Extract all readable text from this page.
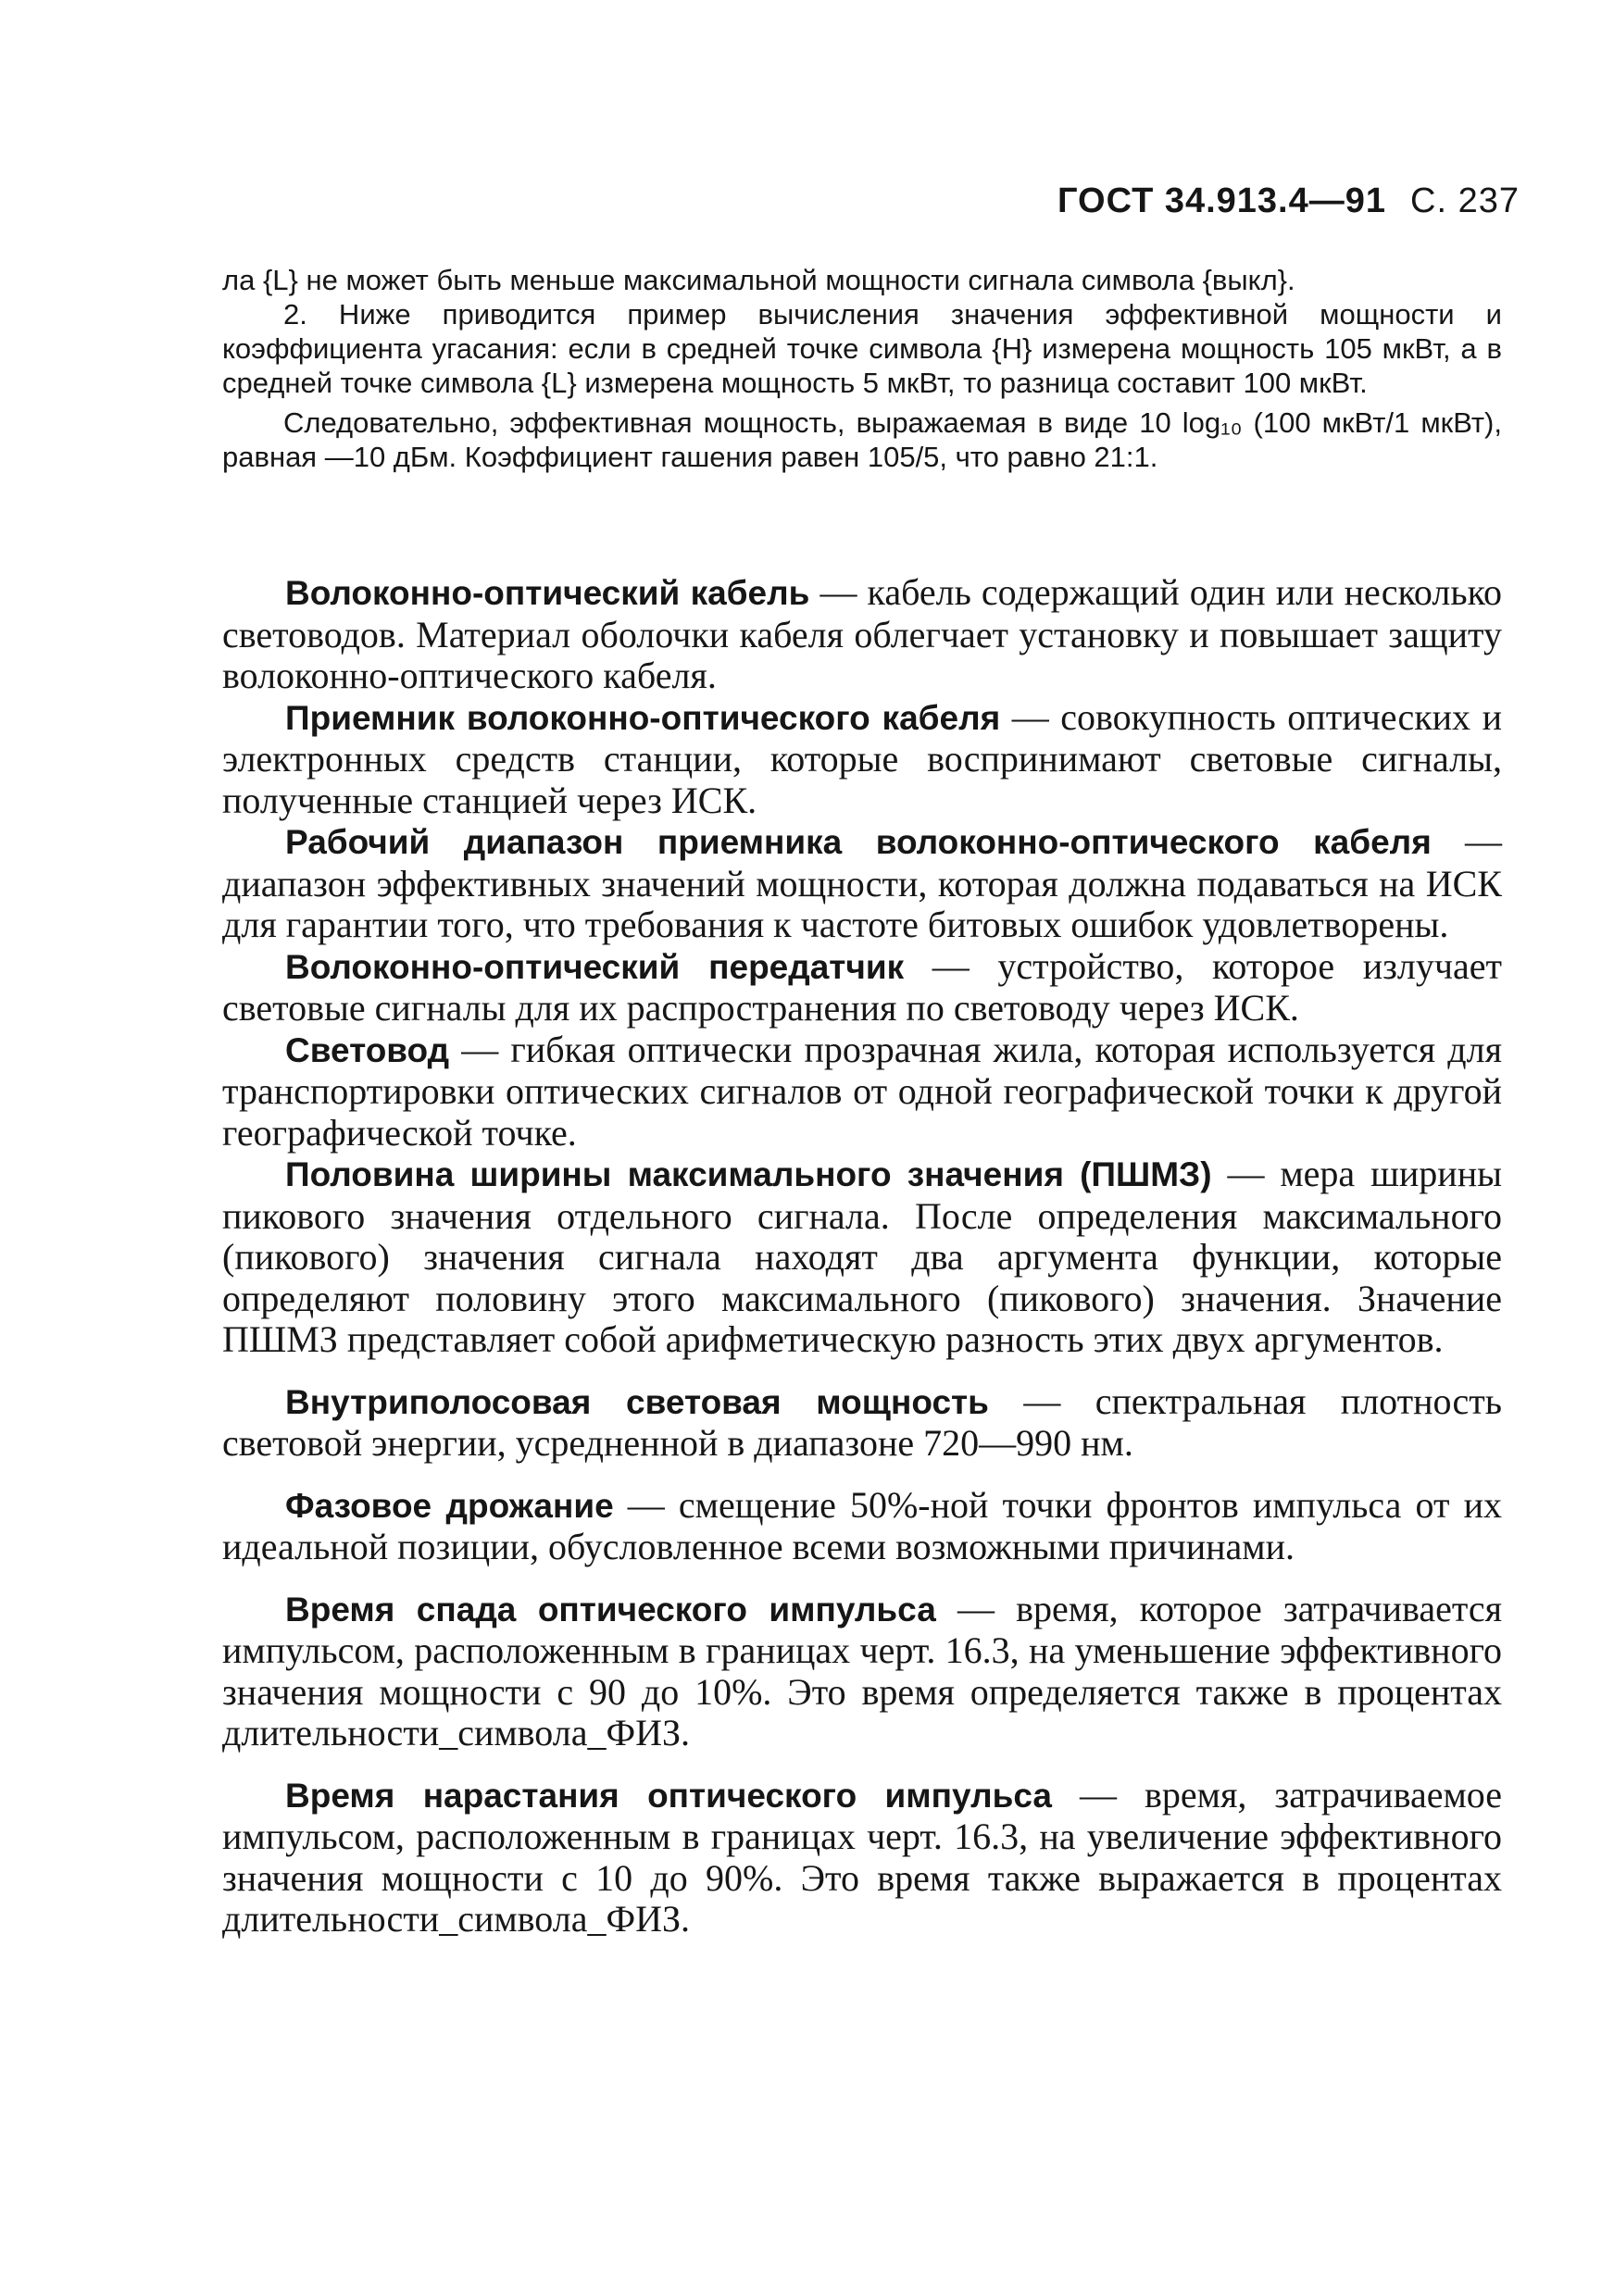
ГОСТ 34.913.4—91 С. 237

ла {L} не может быть меньше максимальной мощности сигнала символа {выкл}.

2. Ниже приводится пример вычисления значения эффективной мощности и коэффициента угасания: если в средней точке символа {H} измерена мощность 105 мкВт, а в средней точке символа {L} измерена мощность 5 мкВт, то разница составит 100 мкВт.

Следовательно, эффективная мощность, выражаемая в виде 10 log₁₀ (100 мкВт/1 мкВт), равная —10 дБм. Коэффициент гашения равен 105/5, что равно 21:1.

Волоконно-оптический кабель — кабель содержащий один или несколько световодов. Материал оболочки кабеля облегчает установку и повышает защиту волоконно-оптического кабеля.

Приемник волоконно-оптического кабеля — совокупность оптических и электронных средств станции, которые воспринимают световые сигналы, полученные станцией через ИСК.

Рабочий диапазон приемника волоконно-оптического кабеля — диапазон эффективных значений мощности, которая должна подаваться на ИСК для гарантии того, что требования к частоте битовых ошибок удовлетворены.

Волоконно-оптический передатчик — устройство, которое излучает световые сигналы для их распространения по световоду через ИСК.

Световод — гибкая оптически прозрачная жила, которая используется для транспортировки оптических сигналов от одной географической точки к другой географической точке.

Половина ширины максимального значения (ПШМЗ) — мера ширины пикового значения отдельного сигнала. После определения максимального (пикового) значения сигнала находят два аргумента функции, которые определяют половину этого максимального (пикового) значения. Значение ПШМЗ представляет собой арифметическую разность этих двух аргументов.

Внутриполосовая световая мощность — спектральная плотность световой энергии, усредненной в диапазоне 720—990 нм.

Фазовое дрожание — смещение 50%-ной точки фронтов импульса от их идеальной позиции, обусловленное всеми возможными причинами.

Время спада оптического импульса — время, которое затрачивается импульсом, расположенным в границах черт. 16.3, на уменьшение эффективного значения мощности с 90 до 10%. Это время определяется также в процентах длительности_символа_ФИЗ.

Время нарастания оптического импульса — время, затрачиваемое импульсом, расположенным в границах черт. 16.3, на увеличение эффективного значения мощности с 10 до 90%. Это время также выражается в процентах длительности_символа_ФИЗ.
